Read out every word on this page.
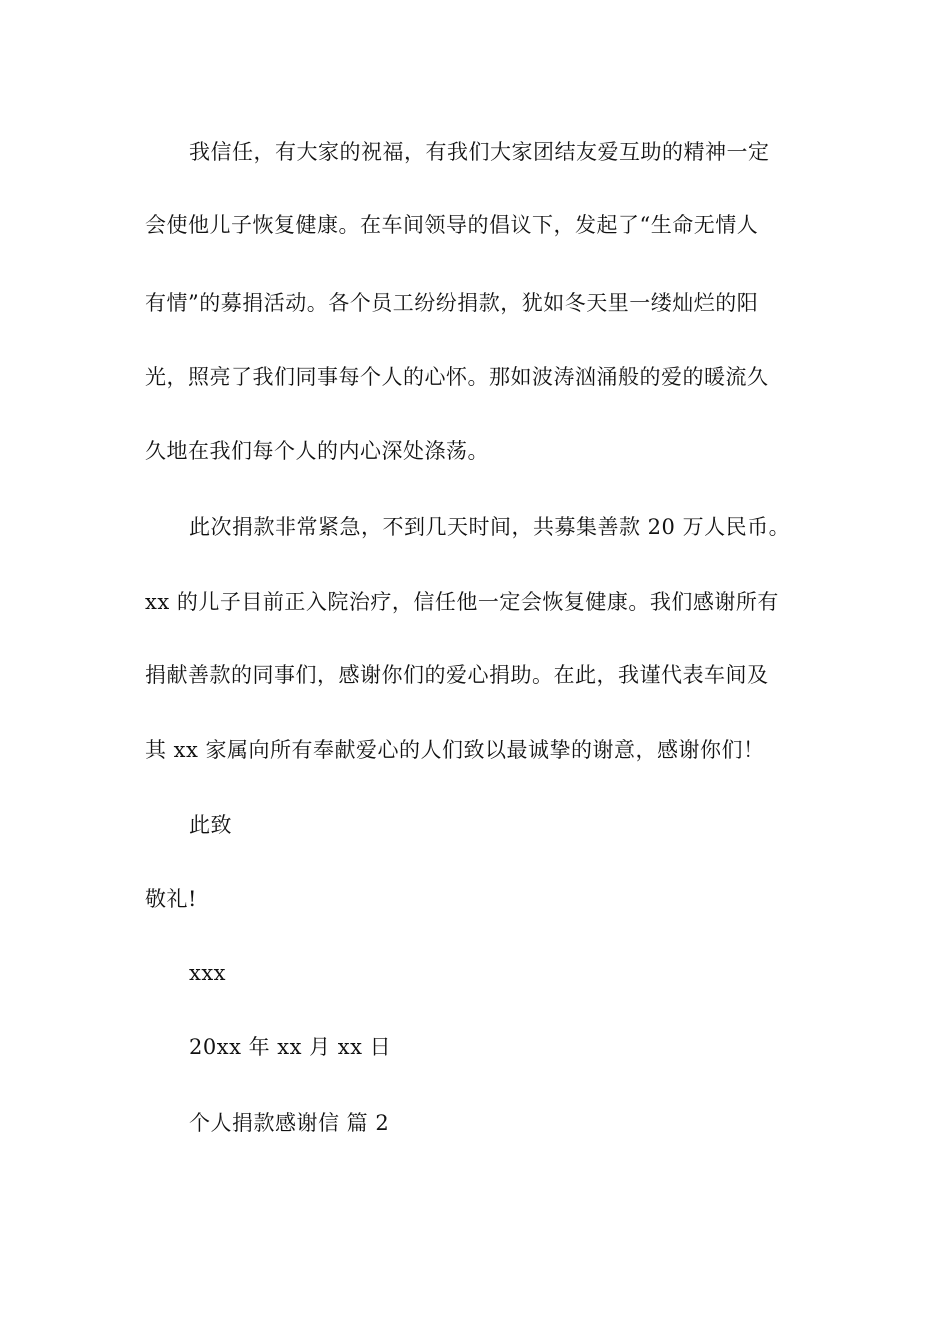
我信任，有大家的祝福，有我们大家团结友爱互助的精神一定
会使他儿子恢复健康。在车间领导的倡议下，发起了“生命无情人
有情”的募捐活动。各个员工纷纷捐款，犹如冬天里一缕灿烂的阳
光，照亮了我们同事每个人的心怀。那如波涛汹涌般的爱的暖流久
久地在我们每个人的内心深处涤荡。
此次捐款非常紧急，不到几天时间，共募集善款 20 万人民币。
xx 的儿子目前正入院治疗，信任他一定会恢复健康。我们感谢所有
捐献善款的同事们，感谢你们的爱心捐助。在此，我谨代表车间及
其 xx 家属向所有奉献爱心的人们致以最诚挚的谢意，感谢你们！
此致
敬礼!
xxx
20xx 年 xx 月 xx 日
个人捐款感谢信 篇 2
